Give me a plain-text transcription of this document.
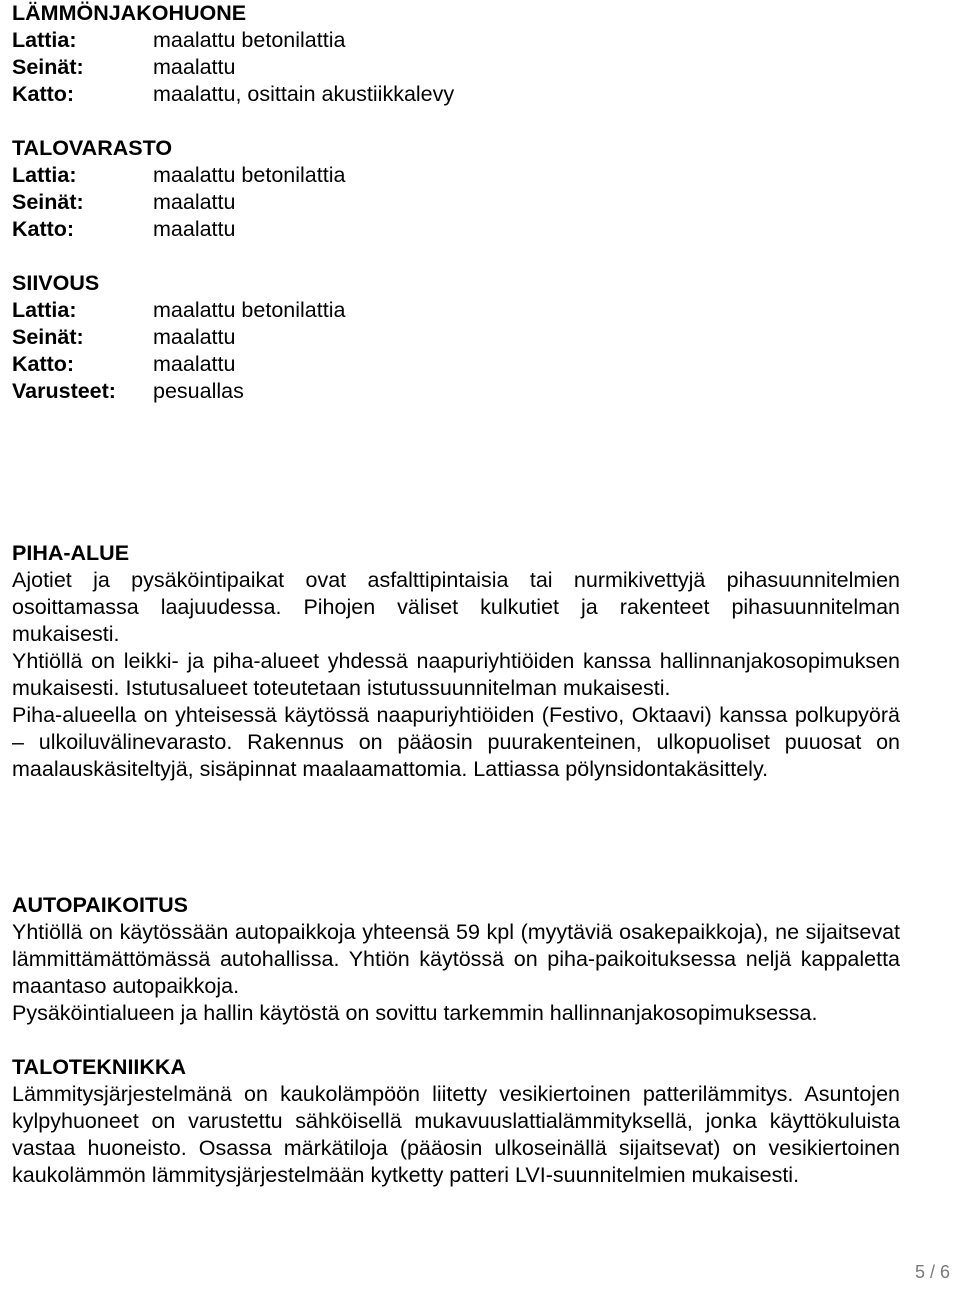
LÄMMÖNJAKOHUONE
Lattia:	maalattu betonilattia
Seinät:	maalattu
Katto:	maalattu, osittain akustiikkalevy
TALOVARASTO
Lattia:	maalattu betonilattia
Seinät:	maalattu
Katto:	maalattu
SIIVOUS
Lattia:	maalattu betonilattia
Seinät:	maalattu
Katto:	maalattu
Varusteet:	pesuallas
PIHA-ALUE

Ajotiet ja pysäköintipaikat ovat asfalttipintaisia tai nurmikivettyjä pihasuunnitelmien osoittamassa laajuudessa. Pihojen väliset kulkutiet ja rakenteet pihasuunnitelman mukaisesti.

Yhtiöllä on leikki- ja piha-alueet yhdessä naapuriyhtiöiden kanssa hallinnanjakosopimuksen mukaisesti. Istutusalueet toteutetaan istutussuunnitelman mukaisesti.

Piha-alueella on yhteisessä käytössä naapuriyhtiöiden (Festivo, Oktaavi) kanssa polkupyörä – ulkoiluvälinevarasto. Rakennus on pääosin puurakenteinen, ulkopuoliset puuosat on maalauskäsiteltyjä, sisäpinnat maalaamattomia. Lattiassa pölynsidontakäsittely.

AUTOPAIKOITUS

Yhtiöllä on käytössään autopaikkoja yhteensä 59 kpl (myytäviä osakepaikkoja), ne sijaitsevat lämmittämättömässä autohallissa. Yhtiön käytössä on piha-paikoituksessa neljä kappaletta maantaso autopaikkoja.

Pysäköintialueen ja hallin käytöstä on sovittu tarkemmin hallinnanjakosopimuksessa.

TALOTEKNIIKKA

Lämmitysjärjestelmänä on kaukolämpöön liitetty vesikiertoinen patterilämmitys. Asuntojen kylpyhuoneet on varustettu sähköisellä mukavuuslattialämmityksellä, jonka käyttökuluista vastaa huoneisto. Osassa märkätiloja (pääosin ulkoseinällä sijaitsevat) on vesikiertoinen kaukolämmön lämmitysjärjestelmään kytketty patteri LVI-suunnitelmien mukaisesti.

5 / 6
